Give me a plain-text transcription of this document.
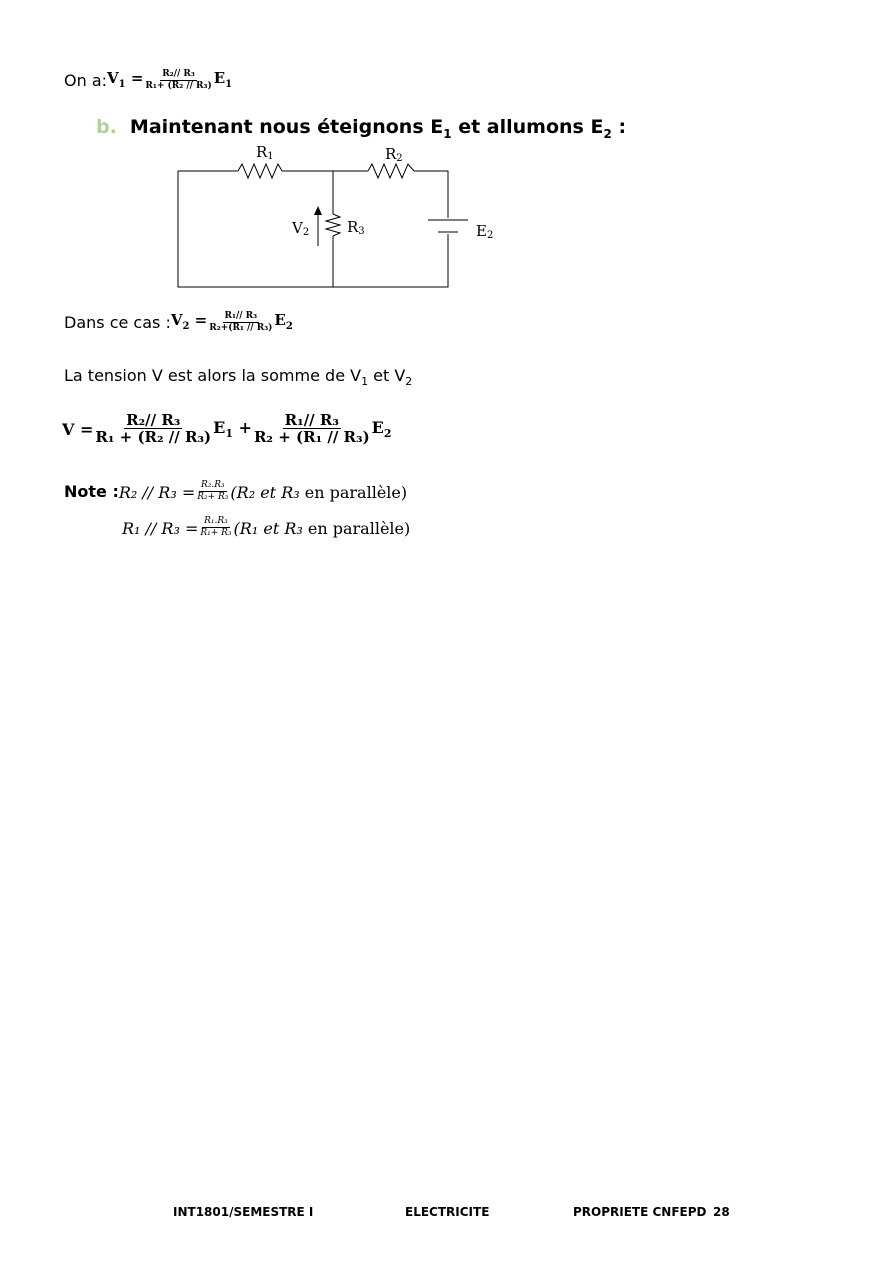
On a: $V_1 = \frac{\text{R₂// R₃}}{\text{R₁+ (R₂ // R₃)}} E_1$
b. Maintenant nous éteignons $E_1$ et allumons $E_2$ :
R1	R2
R3
V2	E2
Dans ce cas : $V_2 = \frac{\text{R₁// R₃}}{\text{R₂+(R₁ // R₃)}} E_2$
La tension V est alors la somme de $V_1$ et $V_2$
$V = \frac{\text{R₂// R₃}}{\text{R₁ + (R₂ // R₃)}} E_1 + \frac{\text{R₁// R₃}}{\text{R₂ + (R₁ // R₃)}} E_2$
Note : $R_2 // R_3 = \frac{\text{R₂.R₃}}{\text{R₂+ R₃}} (R_2$ et R₃ en parallèle)
$R_1 // R_3 = \frac{\text{R₁.R₃}}{\text{R₁+ R₃}} (R_1$ et R₃ en parallèle)
INT1801/SEMESTRE I	ELECTRICITE	PROPRIETE CNFEPD 28
